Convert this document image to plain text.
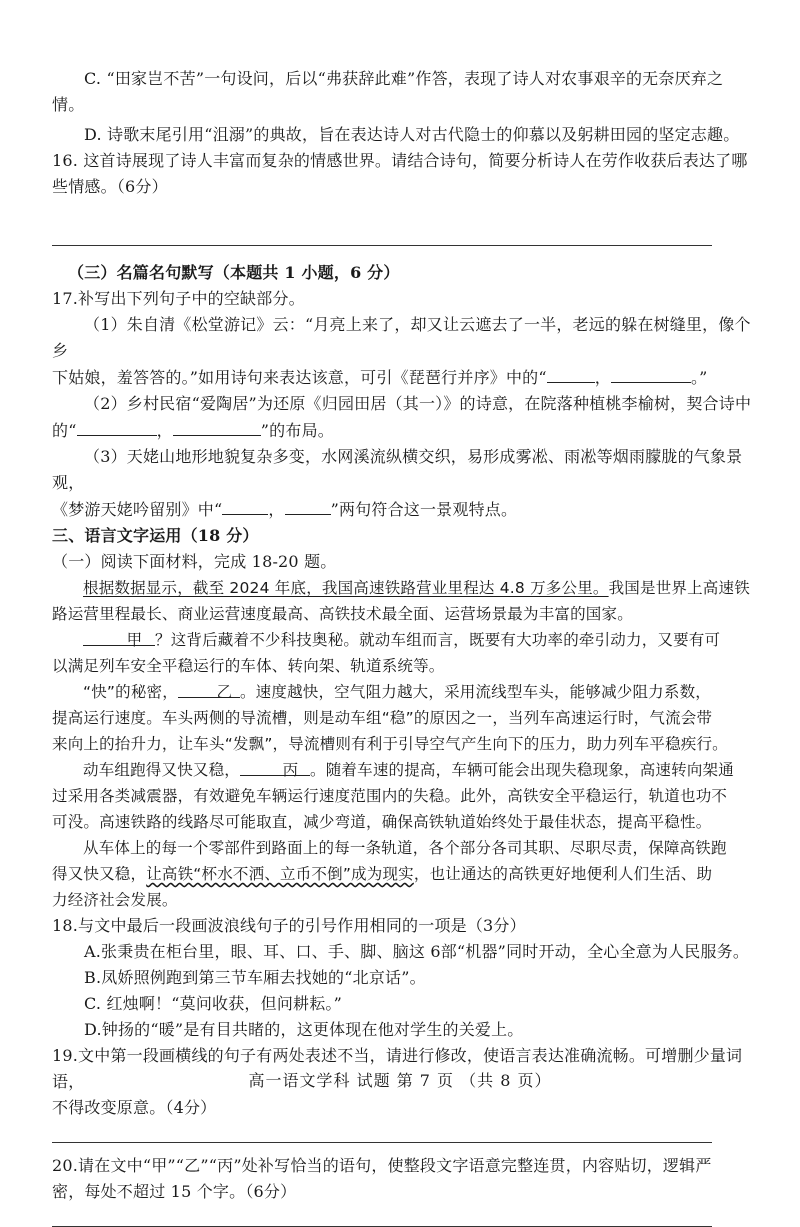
C. “田家岂不苦”一句设问，后以“弗获辞此难”作答，表现了诗人对农事艰辛的无奈厌弃之
情。
D. 诗歌末尾引用“沮溺”的典故，旨在表达诗人对古代隐士的仰慕以及躬耕田园的坚定志趣。
16. 这首诗展现了诗人丰富而复杂的情感世界。请结合诗句，简要分析诗人在劳作收获后表达了哪
些情感。（6分）
（三）名篇名句默写（本题共 1 小题，6 分）
17.补写出下列句子中的空缺部分。
（1）朱自清《松堂游记》云：“月亮上来了，却又让云遮去了一半，老远的躲在树缝里，像个乡
下姑娘，羞答答的。”如用诗句来表达该意，可引《琵琶行并序》中的“	，	。”
（2）乡村民宿“爱陶居”为还原《归园田居（其一）》的诗意，在院落种植桃李榆树，契合诗中
的“	，	”的布局。
（3）天姥山地形地貌复杂多变，水网溪流纵横交织，易形成雾凇、雨凇等烟雨朦胧的气象景观，
《梦游天姥吟留别》中“	，	”两句符合这一景观特点。
三、语言文字运用（18 分）
（一）阅读下面材料，完成 18-20 题。
根据数据显示，截至 2024 年底，我国高速铁路营业里程达 4.8 万多公里。我国是世界上高速铁
路运营里程最长、商业运营速度最高、高铁技术最全面、运营场景最为丰富的国家。
甲 ？这背后藏着不少科技奥秘。就动车组而言，既要有大功率的牵引动力，又要有可
以满足列车安全平稳运行的车体、转向架、轨道系统等。
“快”的秘密， 乙 。速度越快，空气阻力越大，采用流线型车头，能够减少阻力系数，
提高运行速度。车头两侧的导流槽，则是动车组“稳”的原因之一，当列车高速运行时，气流会带
来向上的抬升力，让车头“发飘”，导流槽则有利于引导空气产生向下的压力，助力列车平稳疾行。
动车组跑得又快又稳，	丙 。随着车速的提高，车辆可能会出现失稳现象，高速转向架通
过采用各类减震器，有效避免车辆运行速度范围内的失稳。此外，高铁安全平稳运行，轨道也功不
可没。高速铁路的线路尽可能取直，减少弯道，确保高铁轨道始终处于最佳状态，提高平稳性。
从车体上的每一个零部件到路面上的每一条轨道，各个部分各司其职、尽职尽责，保障高铁跑
得又快又稳，让高铁“杯水不洒、立币不倒”成为现实，也让通达的高铁更好地便利人们生活、助
力经济社会发展。
18.与文中最后一段画波浪线句子的引号作用相同的一项是（3分）
A.张秉贵在柜台里，眼、耳、口、手、脚、脑这 6部“机器”同时开动，全心全意为人民服务。
B.凤娇照例跑到第三节车厢去找她的“北京话”。
C. 红烛啊！“莫问收获，但问耕耘。”
D.钟扬的“暖”是有目共睹的，这更体现在他对学生的关爱上。
19.文中第一段画横线的句子有两处表述不当，请进行修改，使语言表达准确流畅。可增删少量词语，
不得改变原意。（4分）
20.请在文中“甲”“乙”“丙”处补写恰当的语句，使整段文字语意完整连贯，内容贴切，逻辑严
密，每处不超过 15 个字。（6分）
高一语文学科 试题 第 7 页 （共 8 页）
